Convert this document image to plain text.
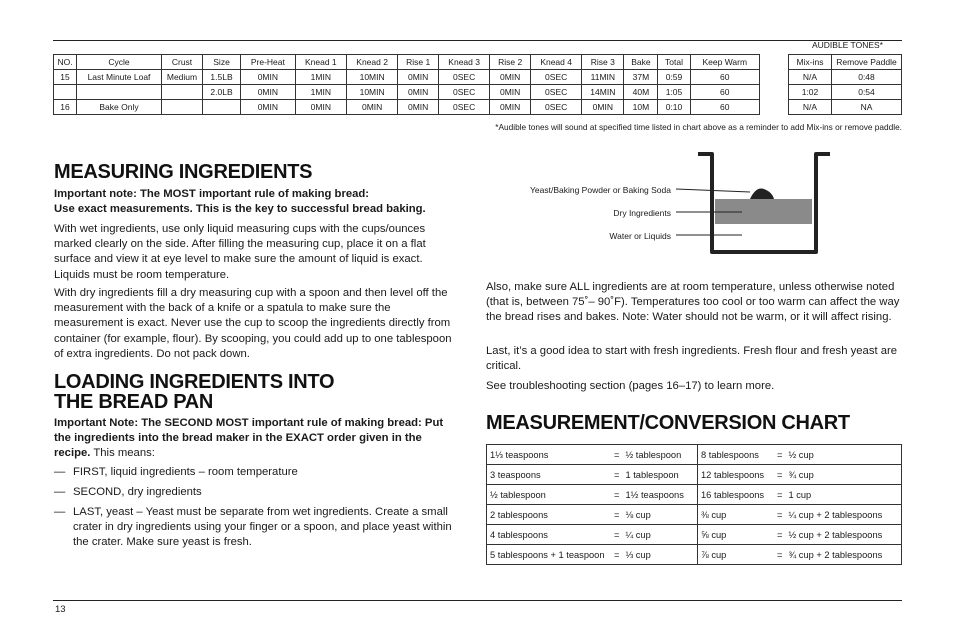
NO.	Cycle	Crust	Size	Pre-Heat	Knead 1	Knead 2	Rise 1	Knead 3	Rise 2	Knead 4	Rise 3	Bake	Total	Keep Warm
15	Last Minute Loaf	Medium	1.5LB	0MIN	1MIN	10MIN	0MIN	0SEC	0MIN	0SEC	11MIN	37M	0:59	60
			2.0LB	0MIN	1MIN	10MIN	0MIN	0SEC	0MIN	0SEC	14MIN	40M	1:05	60
16	Bake Only			0MIN	0MIN	0MIN	0MIN	0SEC	0MIN	0SEC	0MIN	10M	0:10	60
AUDIBLE TONES*
Mix-ins	Remove Paddle
N/A	0:48
1:02	0:54
N/A	NA
*Audible tones will sound at specified time listed in chart above as a reminder to add Mix-ins or remove paddle.
MEASURING INGREDIENTS

Important note: The MOST important rule of making bread:

Use exact measurements. This is the key to successful bread baking.

With wet ingredients, use only liquid measuring cups with the cups/ounces marked clearly on the side. After filling the measuring cup, place it on a flat surface and view it at eye level to make sure the amount of liquid is exact. Liquids must be room temperature.

With dry ingredients fill a dry measuring cup with a spoon and then level off the measurement with the back of a knife or a spatula to make sure the measurement is exact. Never use the cup to scoop the ingredients directly from container (for example, flour). By scooping, you could add up to one tablespoon of extra ingredients. Do not pack down.

LOADING INGREDIENTS INTO
THE BREAD PAN

Important Note: The SECOND MOST important rule of making bread: Put the ingredients into the bread maker in the EXACT order given in the recipe. This means:

— FIRST, liquid ingredients – room temperature
— SECOND, dry ingredients
— LAST, yeast – Yeast must be separate from wet ingredients. Create a small crater in dry ingredients using your finger or a spoon, and place yeast within the crater. Make sure yeast is fresh.
Yeast/Baking Powder or Baking Soda
Dry Ingredients
Water or Liquids

Also, make sure ALL ingredients are at room temperature, unless otherwise noted (that is, between 75˚– 90˚F). Temperatures too cool or too warm can affect the way the bread rises and bakes. Note: Water should not be warm, or it will affect rising.

Last, it’s a good idea to start with fresh ingredients. Fresh flour and fresh yeast are critical.

See troubleshooting section (pages 16–17) to learn more.

MEASUREMENT/CONVERSION CHART
1⅓ teaspoons	=	½ tablespoon	8 tablespoons	=	½ cup
3 teaspoons	=	1 tablespoon	12 tablespoons	=	¾ cup
½ tablespoon	=	1½ teaspoons	16 tablespoons	=	1 cup
2 tablespoons	=	⅛ cup	⅜ cup	=	¼ cup + 2 tablespoons
4 tablespoons	=	¼ cup	⅝ cup	=	½ cup + 2 tablespoons
5 tablespoons + 1 teaspoon	=	⅓ cup	⅞ cup	=	¾ cup + 2 tablespoons
13
